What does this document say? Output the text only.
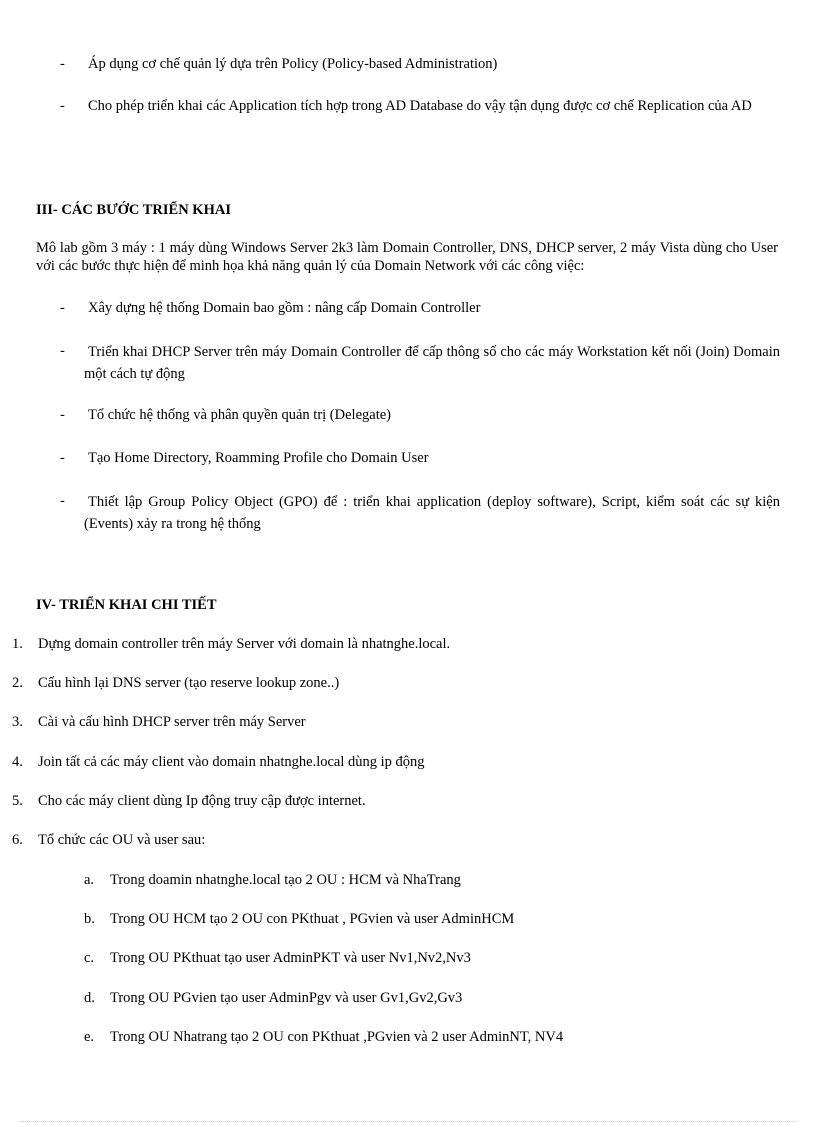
-	Áp dụng cơ chế quản lý dựa trên Policy (Policy-based Administration)
-	Cho phép triển khai các Application tích hợp trong AD Database do vậy tận dụng được cơ chế Replication của AD
III- CÁC BƯỚC TRIỂN KHAI
Mô lab gồm 3 máy : 1 máy dùng Windows Server 2k3 làm Domain Controller, DNS, DHCP server, 2 máy Vista dùng cho User với các bước thực hiện để minh họa khả năng quản lý của Domain Network với các công việc:
-	Xây dựng hệ thống Domain bao gồm : nâng cấp Domain Controller
-	Triển khai DHCP Server trên máy Domain Controller để cấp thông số cho các máy Workstation kết nối (Join) Domain một cách tự động
-	Tổ chức hệ thống và phân quyền quản trị (Delegate)
-	Tạo Home Directory, Roamming Profile cho Domain User
-	Thiết lập Group Policy Object (GPO) để : triển khai application (deploy software), Script, kiểm soát các sự kiện (Events) xảy ra trong hệ thống
IV- TRIỂN KHAI CHI TIẾT
1. Dựng domain controller trên máy Server với domain là nhatnghe.local.
2. Cấu hình lại DNS server (tạo reserve lookup zone..)
3. Cài và cấu hình DHCP server trên máy Server
4. Join tất cả các máy client vào domain nhatnghe.local dùng ip động
5. Cho các máy client dùng Ip động truy cập được internet.
6. Tổ chức các OU và user sau:
a. Trong doamin nhatnghe.local tạo 2 OU : HCM và NhaTrang
b. Trong OU HCM tạo 2 OU con PKthuat , PGvien và user AdminHCM
c. Trong OU PKthuat tạo user AdminPKT và user Nv1,Nv2,Nv3
d. Trong OU PGvien tạo user AdminPgv và user Gv1,Gv2,Gv3
e. Trong OU Nhatrang tạo 2 OU con PKthuat ,PGvien và 2 user AdminNT, NV4
